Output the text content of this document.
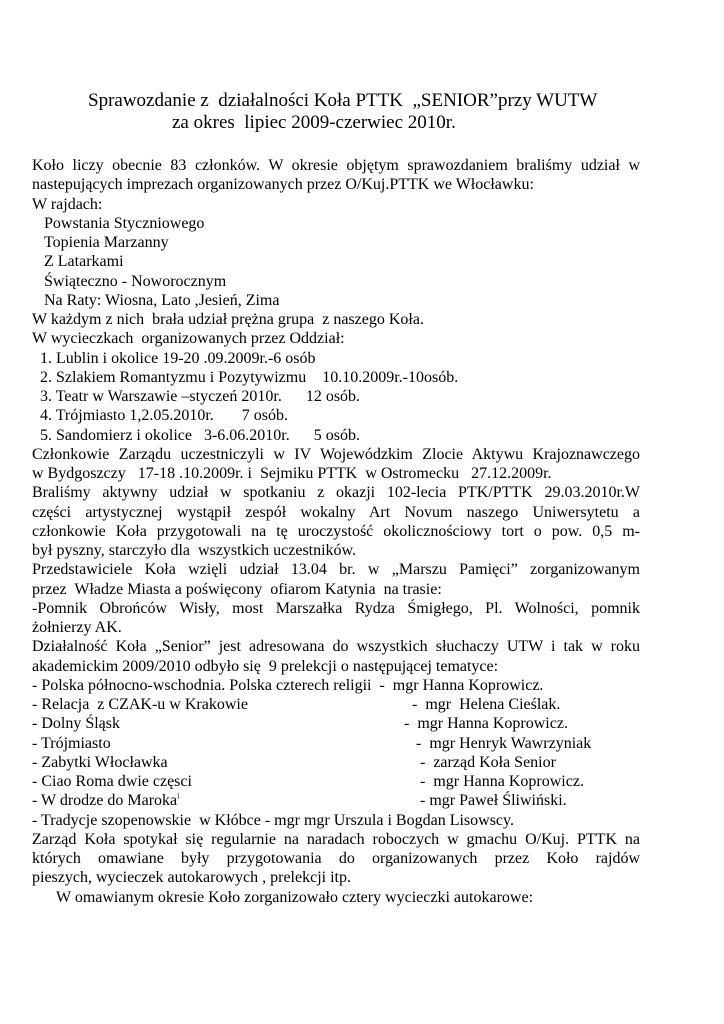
Sprawozdanie z  działalności Koła PTTK  „SENIOR”przy WUTW
za okres  lipiec 2009-czerwiec 2010r.
Koło liczy obecnie 83 członków. W okresie objętym sprawozdaniem braliśmy udział w
nastepujących imprezach organizowanych przez O/Kuj.PTTK we Włocławku:
W rajdach:
Powstania Styczniowego
Topienia Marzanny
Z Latarkami
Świąteczno - Noworocznym
Na Raty: Wiosna, Lato ,Jesień, Zima
W każdym z nich  brała udział prężna grupa  z naszego Koła.
W wycieczkach  organizowanych przez Oddział:
1. Lublin i okolice 19-20 .09.2009r.-6 osób
2. Szlakiem Romantyzmu i Pozytywizmu    10.10.2009r.-10osób.
3. Teatr w Warszawie –styczeń 2010r.      12 osób.
4. Trójmiasto 1,2.05.2010r.       7 osób.
5. Sandomierz i okolice   3-6.06.2010r.      5 osób.
Członkowie Zarządu uczestniczyli w IV Wojewódzkim Zlocie Aktywu Krajoznawczego
w Bydgoszczy   17-18 .10.2009r. i  Sejmiku PTTK  w Ostromecku   27.12.2009r.
Braliśmy aktywny udział w spotkaniu z okazji 102-lecia PTK/PTTK 29.03.2010r.W
części artystycznej wystąpił zespół wokalny Art Novum naszego Uniwersytetu a
członkowie Koła przygotowali na tę uroczystość okolicznościowy tort o pow. 0,5 m-
był pyszny, starczyło dla  wszystkich uczestników.
Przedstawiciele Koła wzięli udział 13.04 br. w „Marszu Pamięci” zorganizowanym
przez  Władze Miasta a poświęcony  ofiarom Katynia  na trasie:
-Pomnik Obrońców Wisły, most Marszałka Rydza Śmigłego, Pl. Wolności, pomnik
żołnierzy AK.
Działalność Koła „Senior” jest adresowana do wszystkich słuchaczy UTW i tak w roku
akademickim 2009/2010 odbyło się  9 prelekcji o następującej tematyce:
- Polska północno-wschodnia. Polska czterech religii  -  mgr Hanna Koprowicz.
- Relacja  z CZAK-u w Krakowie	-  mgr  Helena Cieślak.
- Dolny Śląsk	-  mgr Hanna Koprowicz.
- Trójmiasto	-  mgr Henryk Wawrzyniak
- Zabytki Włocławka	-  zarząd Koła Senior
- Ciao Roma dwie częsci	-  mgr Hanna Koprowicz.
- W drodze do Maroka$^i$	- mgr Paweł Śliwiński.
- Tradycje szopenowskie  w Kłóbce - mgr mgr Urszula i Bogdan Lisowscy.
Zarząd Koła spotykał się regularnie na naradach roboczych w gmachu O/Kuj. PTTK na
których omawiane były przygotowania do organizowanych przez Koło rajdów
pieszych, wycieczek autokarowych , prelekcji itp.
W omawianym okresie Koło zorganizowało cztery wycieczki autokarowe:
